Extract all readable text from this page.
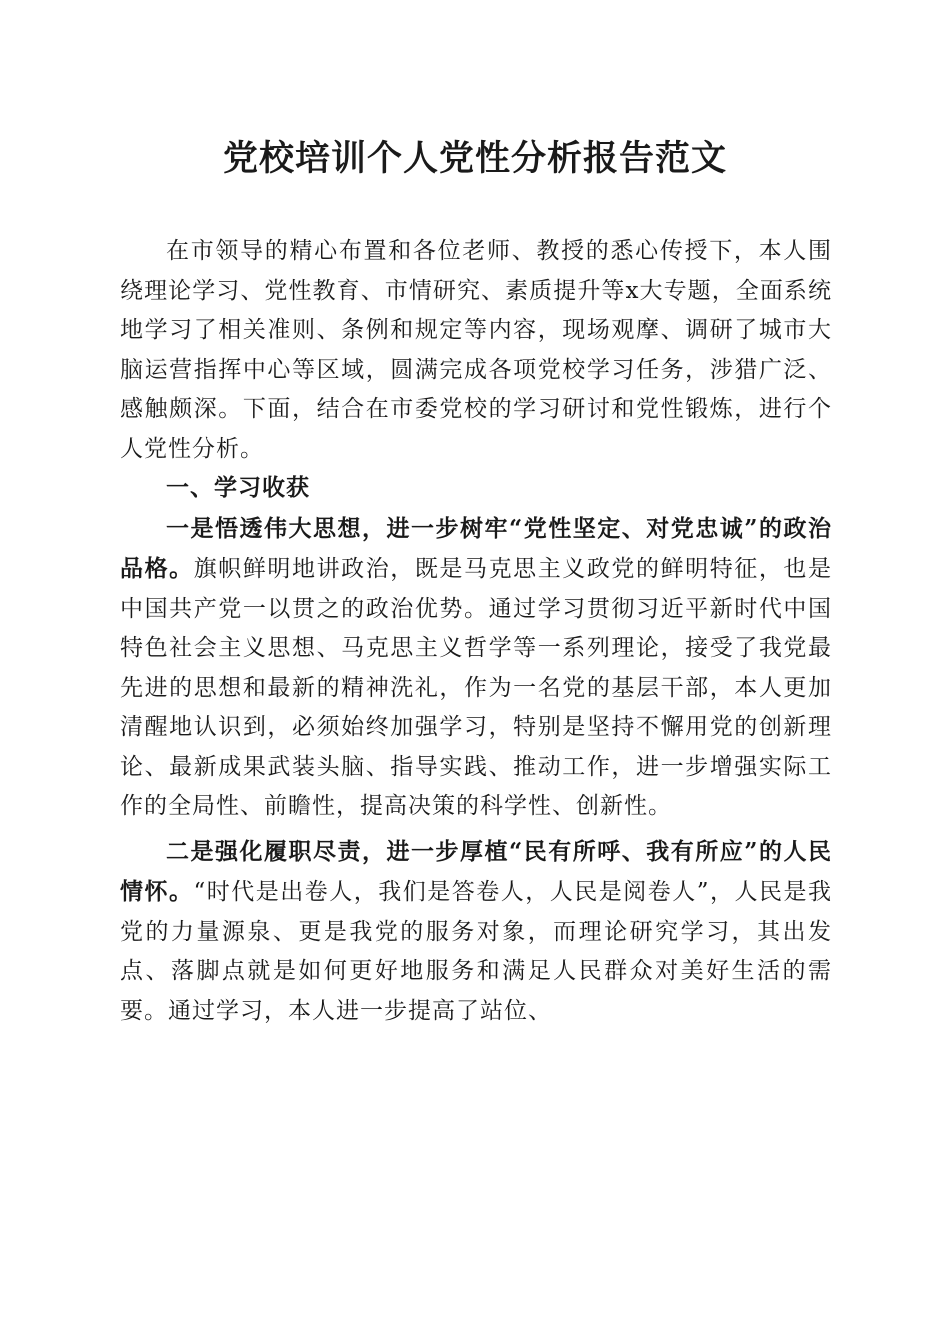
党校培训个人党性分析报告范文

在市领导的精心布置和各位老师、教授的悉心传授下，本人围绕理论学习、党性教育、市情研究、素质提升等x大专题，全面系统地学习了相关准则、条例和规定等内容，现场观摩、调研了城市大脑运营指挥中心等区域，圆满完成各项党校学习任务，涉猎广泛、感触颇深。下面，结合在市委党校的学习研讨和党性锻炼，进行个人党性分析。

一、学习收获

一是悟透伟大思想，进一步树牢“党性坚定、对党忠诚”的政治品格。旗帜鲜明地讲政治，既是马克思主义政党的鲜明特征，也是中国共产党一以贯之的政治优势。通过学习贯彻习近平新时代中国特色社会主义思想、马克思主义哲学等一系列理论，接受了我党最先进的思想和最新的精神洗礼，作为一名党的基层干部，本人更加清醒地认识到，必须始终加强学习，特别是坚持不懈用党的创新理论、最新成果武装头脑、指导实践、推动工作，进一步增强实际工作的全局性、前瞻性，提高决策的科学性、创新性。

二是强化履职尽责，进一步厚植“民有所呼、我有所应”的人民情怀。“时代是出卷人，我们是答卷人，人民是阅卷人”，人民是我党的力量源泉、更是我党的服务对象，而理论研究学习，其出发点、落脚点就是如何更好地服务和满足人民群众对美好生活的需要。通过学习，本人进一步提高了站位、
